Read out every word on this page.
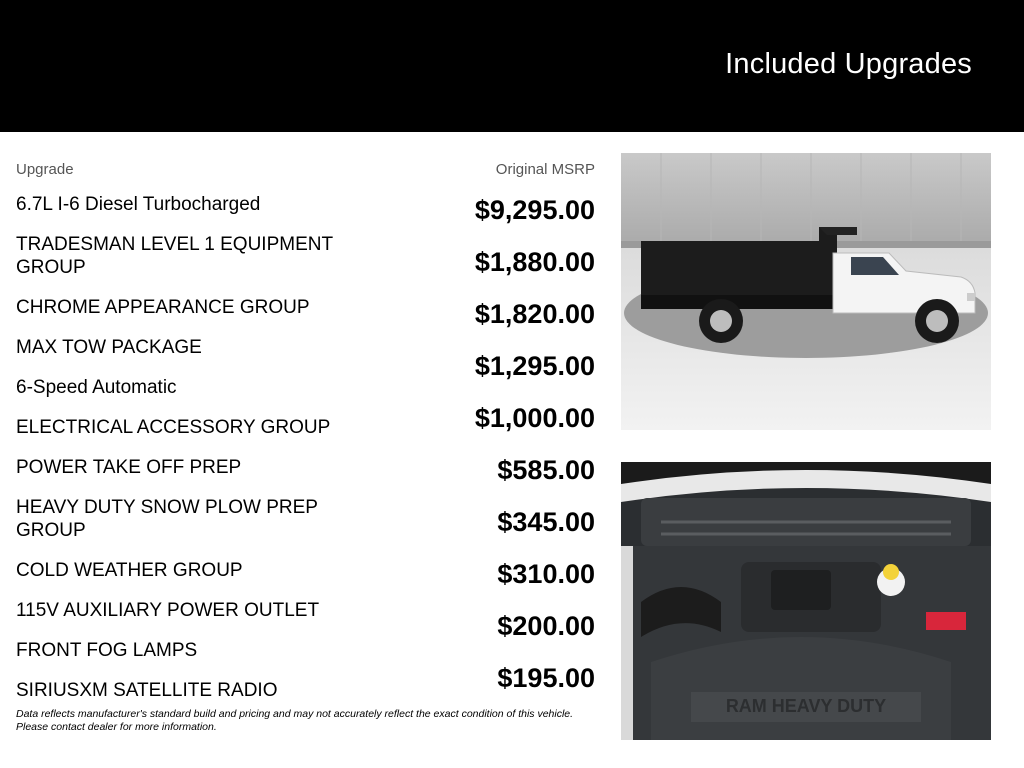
Included Upgrades
Upgrade	Original MSRP
6.7L I-6 Diesel Turbocharged
TRADESMAN LEVEL 1 EQUIPMENT GROUP
CHROME APPEARANCE GROUP
MAX TOW PACKAGE
6-Speed Automatic
ELECTRICAL ACCESSORY GROUP
POWER TAKE OFF PREP
HEAVY DUTY SNOW PLOW PREP GROUP
COLD WEATHER GROUP
115V AUXILIARY POWER OUTLET
FRONT FOG LAMPS
SIRIUSXM SATELLITE RADIO
$9,295.00
$1,880.00
$1,820.00
$1,295.00
$1,000.00
$585.00
$345.00
$310.00
$200.00
$195.00
Data reflects manufacturer's standard build and pricing and may not accurately reflect the exact condition of this vehicle. Please contact dealer for more information.
RAM HEAVY DUTY
